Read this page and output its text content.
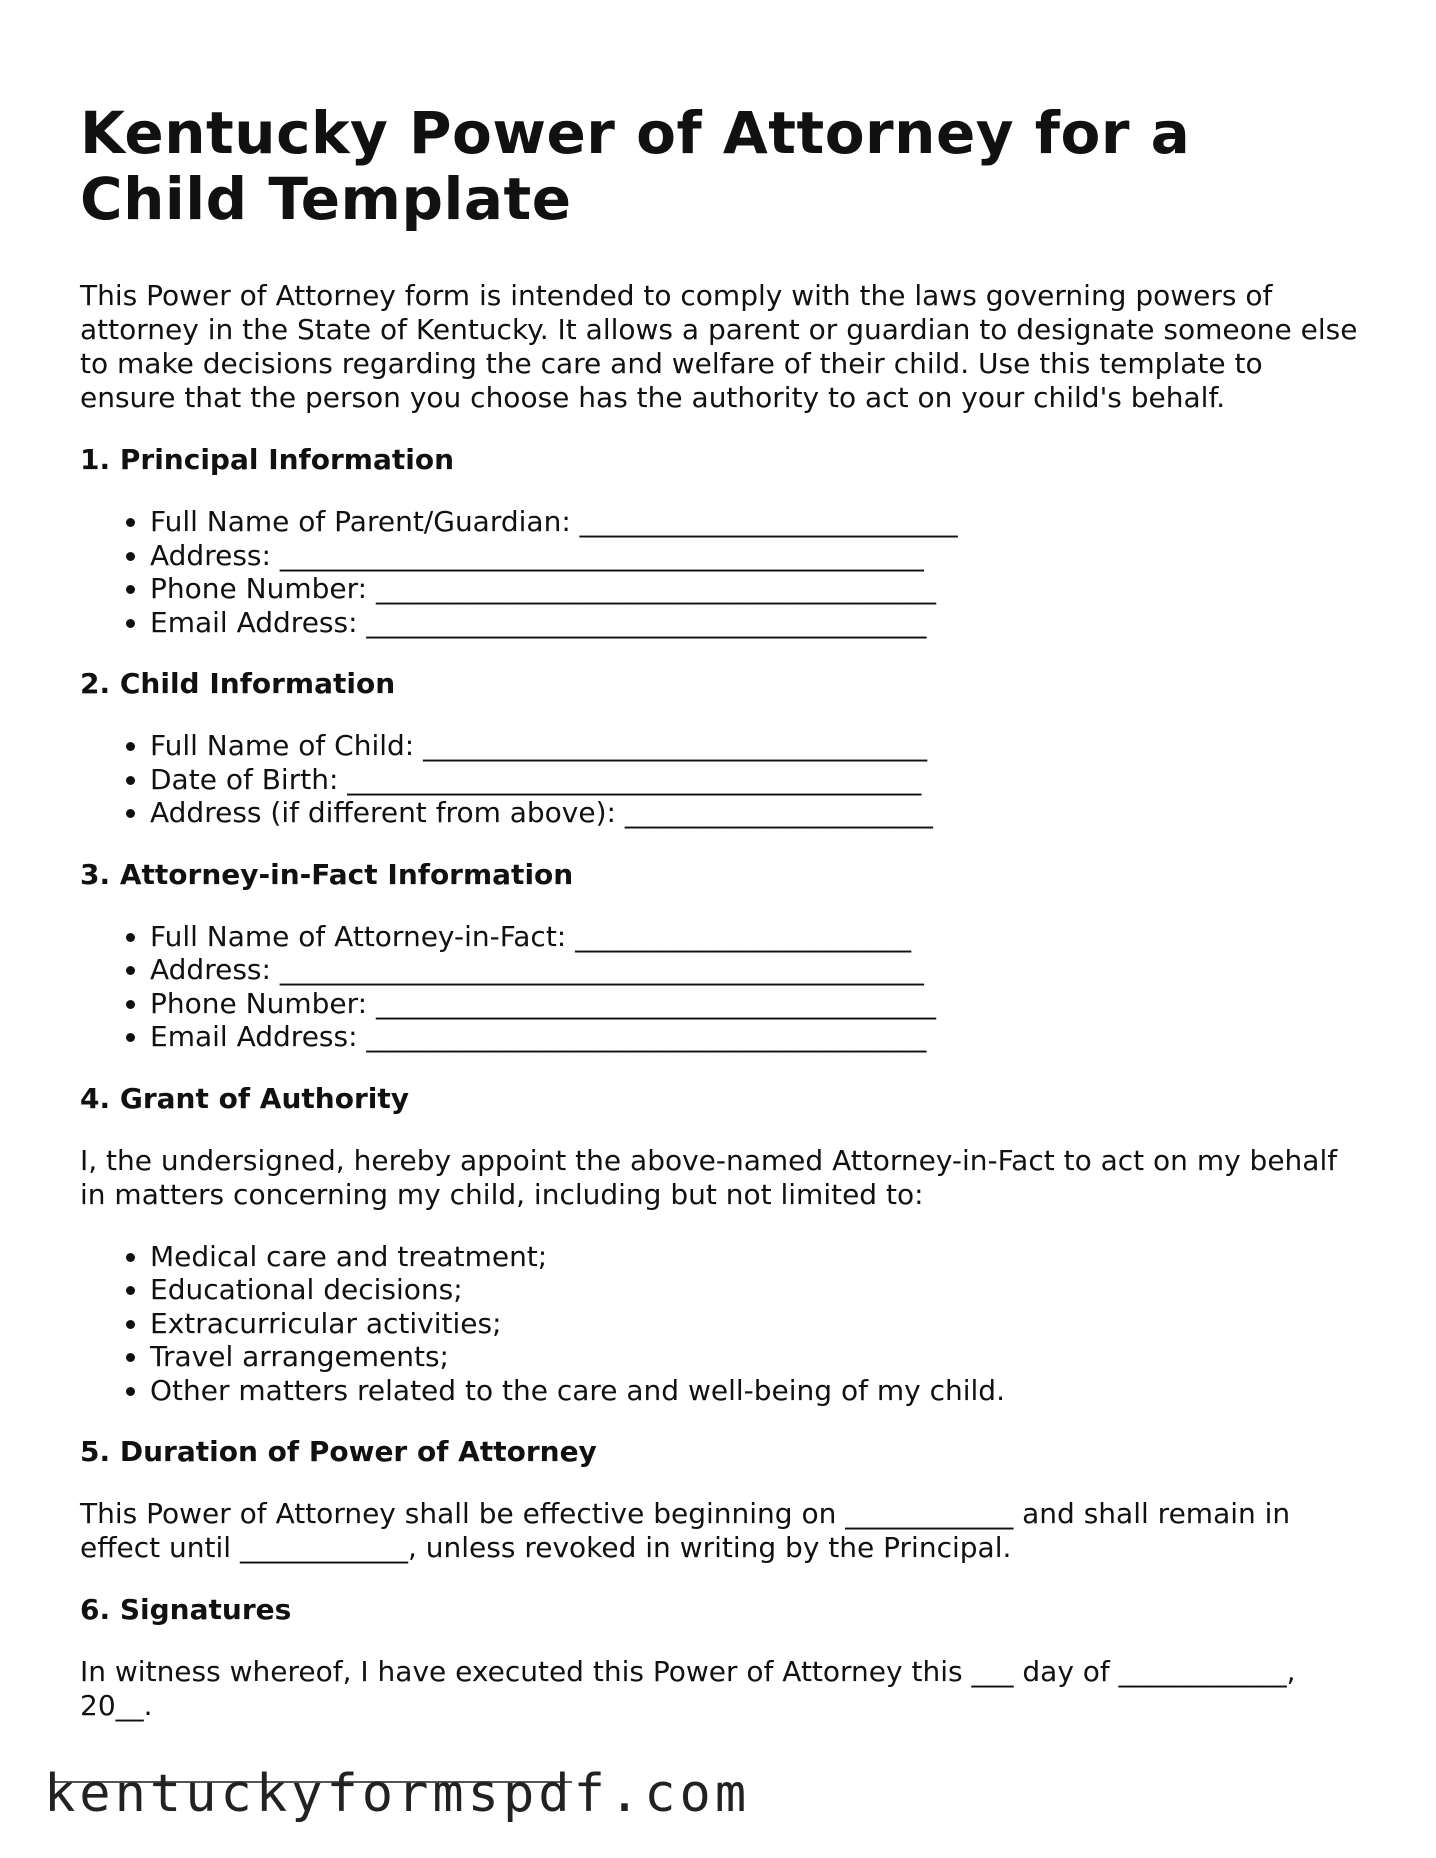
Kentucky Power of Attorney for a Child Template

This Power of Attorney form is intended to comply with the laws governing powers of attorney in the State of Kentucky. It allows a parent or guardian to designate someone else to make decisions regarding the care and welfare of their child. Use this template to ensure that the person you choose has the authority to act on your child's behalf.

1. Principal Information
• Full Name of Parent/Guardian: ___________________________
• Address: ______________________________________________
• Phone Number: ________________________________________
• Email Address: ________________________________________
2. Child Information
• Full Name of Child: ____________________________________
• Date of Birth: _________________________________________
• Address (if different from above): ______________________
3. Attorney-in-Fact Information
• Full Name of Attorney-in-Fact: ________________________
• Address: ______________________________________________
• Phone Number: ________________________________________
• Email Address: ________________________________________
4. Grant of Authority

I, the undersigned, hereby appoint the above-named Attorney-in-Fact to act on my behalf in matters concerning my child, including but not limited to:

• Medical care and treatment;
• Educational decisions;
• Extracurricular activities;
• Travel arrangements;
• Other matters related to the care and well-being of my child.
5. Duration of Power of Attorney

This Power of Attorney shall be effective beginning on ____________ and shall remain in effect until ____________, unless revoked in writing by the Principal.

6. Signatures

In witness whereof, I have executed this Power of Attorney this ___ day of ____________, 20__.

kentuckyformspdf.com
